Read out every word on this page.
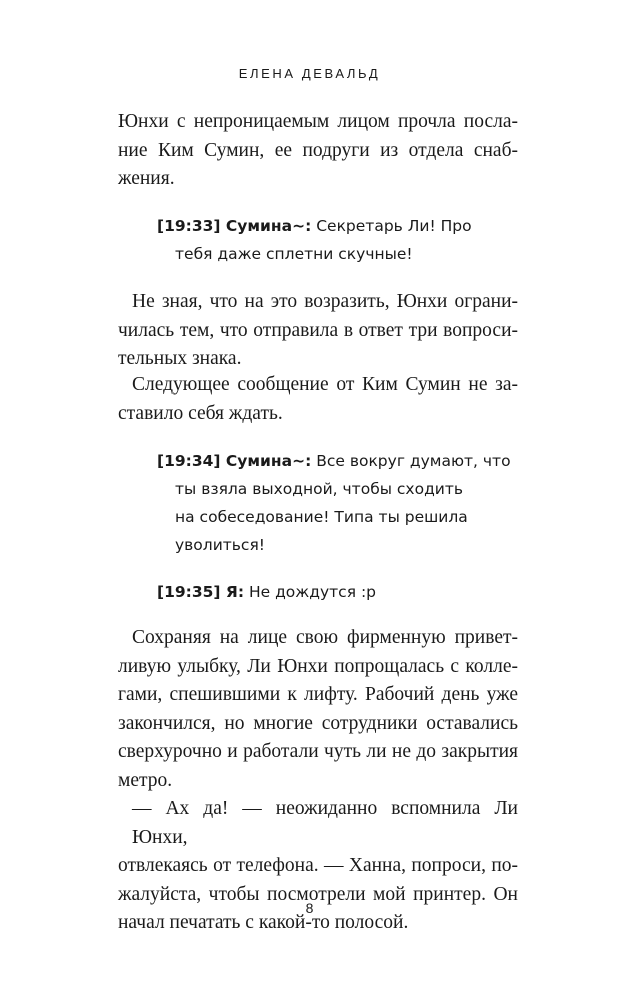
ЕЛЕНА ДЕВАЛЬД
Юнхи с непроницаемым лицом прочла посла-
ние Ким Сумин, ее подруги из отдела снаб-
жения.
[19:33] Сумина~: Секретарь Ли! Про
тебя даже сплетни скучные!
Не зная, что на это возразить, Юнхи ограни-
чилась тем, что отправила в ответ три вопроси-
тельных знака.
Следующее сообщение от Ким Сумин не за-
ставило себя ждать.
[19:34] Сумина~: Все вокруг думают, что
ты взяла выходной, чтобы сходить
на собеседование! Типа ты решила
уволиться!
[19:35] Я: Не дождутся :p
Сохраняя на лице свою фирменную привет-
ливую улыбку, Ли Юнхи попрощалась с колле-
гами, спешившими к лифту. Рабочий день уже
закончился, но многие сотрудники оставались
сверхурочно и работали чуть ли не до закрытия
метро.
— Ах да! — неожиданно вспомнила Ли Юнхи,
отвлекаясь от телефона. — Ханна, попроси, по-
жалуйста, чтобы посмотрели мой принтер. Он
начал печатать с какой-то полосой.
8
